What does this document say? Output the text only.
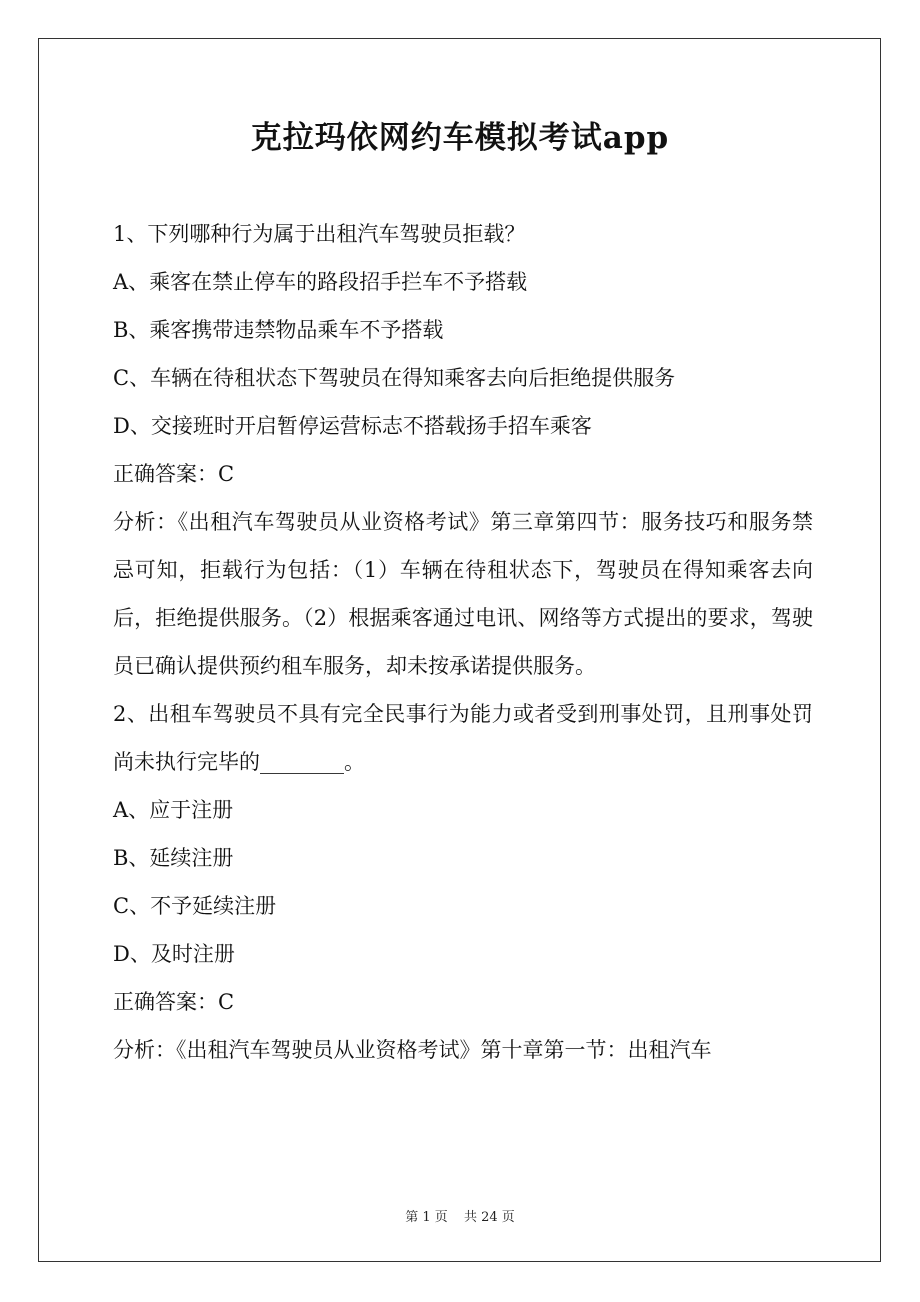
克拉玛依网约车模拟考试app

1、下列哪种行为属于出租汽车驾驶员拒载？

A、乘客在禁止停车的路段招手拦车不予搭载

B、乘客携带违禁物品乘车不予搭载

C、车辆在待租状态下驾驶员在得知乘客去向后拒绝提供服务

D、交接班时开启暂停运营标志不搭载扬手招车乘客

正确答案：C

分析：《出租汽车驾驶员从业资格考试》第三章第四节：服务技巧和服务禁忌可知，拒载行为包括：（1）车辆在待租状态下，驾驶员在得知乘客去向后，拒绝提供服务。（2）根据乘客通过电讯、网络等方式提出的要求，驾驶员已确认提供预约租车服务，却未按承诺提供服务。

2、出租车驾驶员不具有完全民事行为能力或者受到刑事处罚，且刑事处罚尚未执行完毕的________。

A、应于注册

B、延续注册

C、不予延续注册

D、及时注册

正确答案：C

分析：《出租汽车驾驶员从业资格考试》第十章第一节：出租汽车

第 1 页 共 24 页
